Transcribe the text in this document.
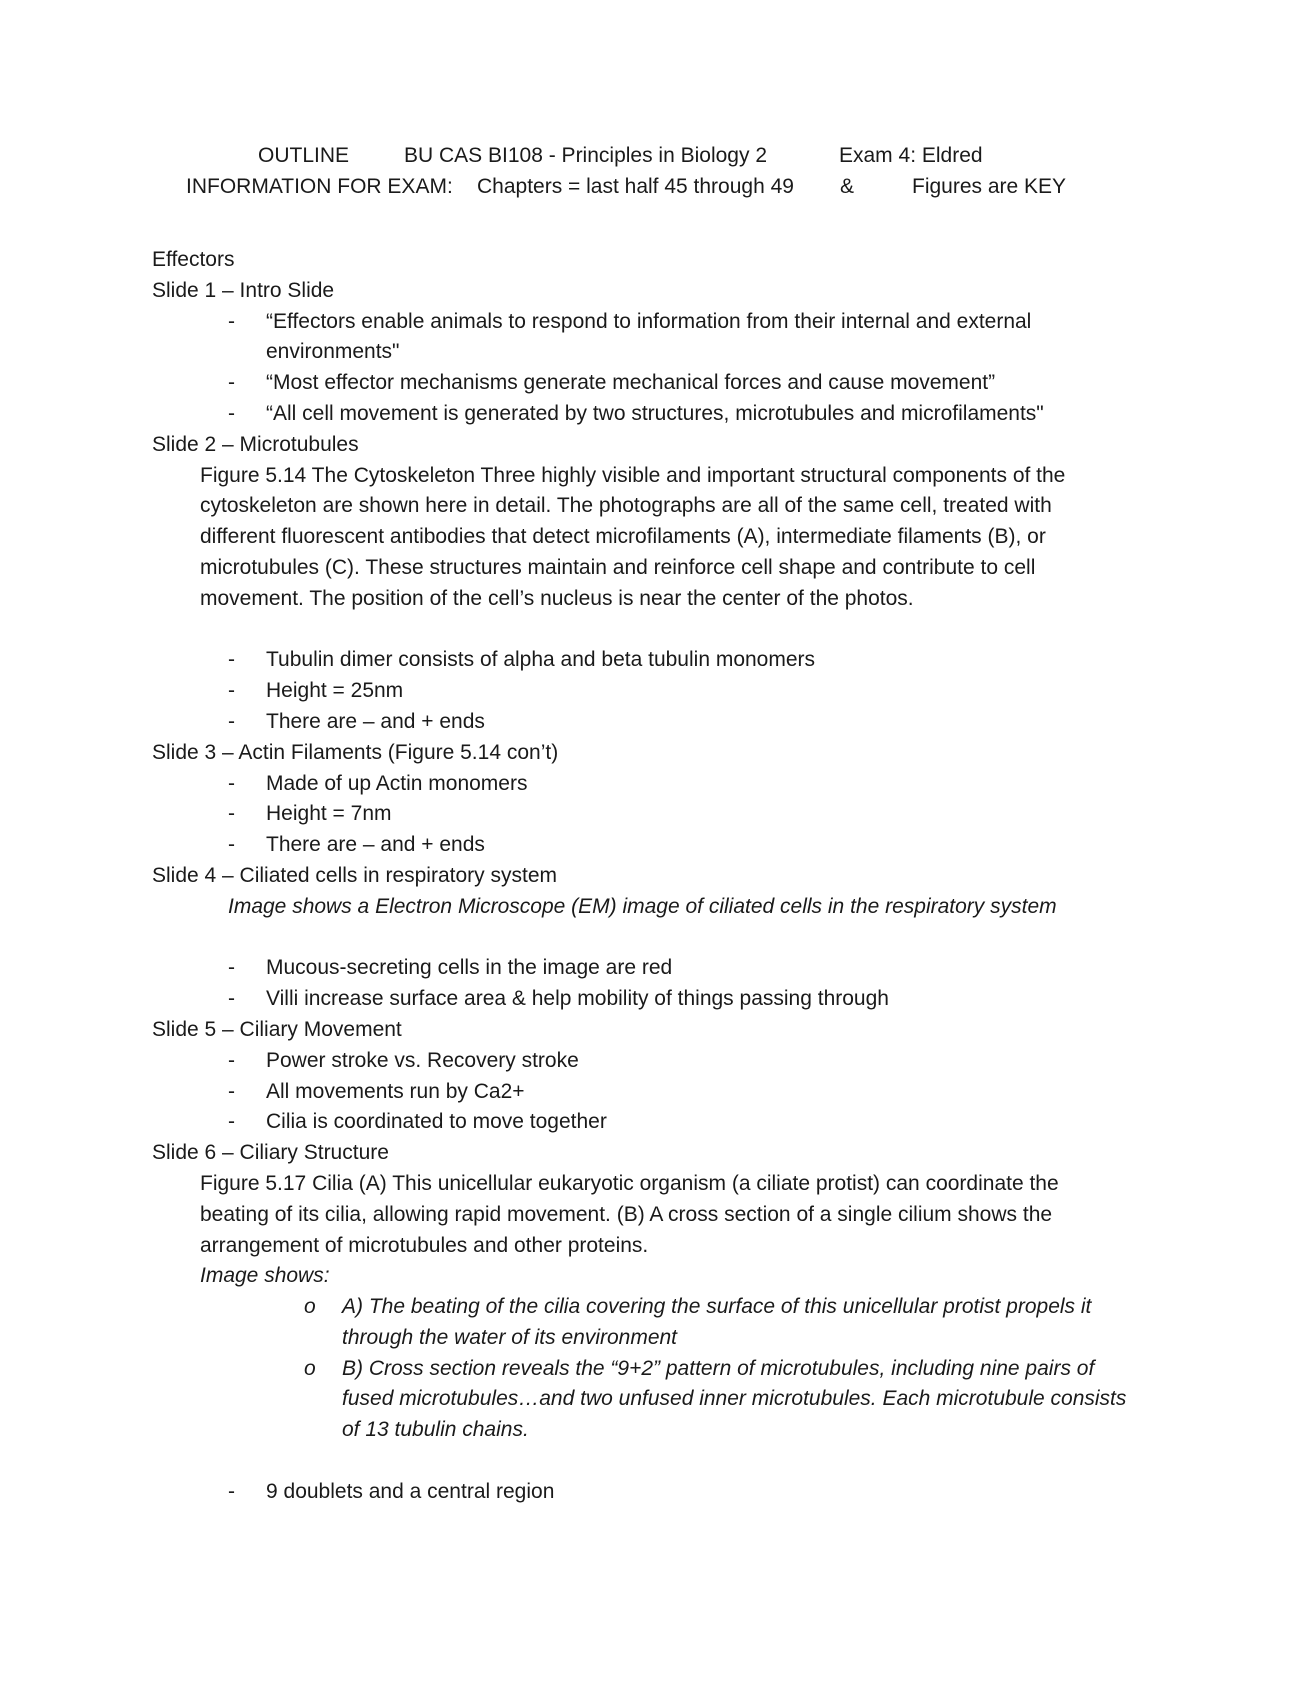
OUTLINE	BU CAS BI108 - Principles in Biology 2	Exam 4: Eldred
INFORMATION FOR EXAM: Chapters = last half 45 through 49 &	Figures are KEY
Effectors
Slide 1 – Intro Slide
-	“Effectors enable animals to respond to information from their internal and external environments"
-	“Most effector mechanisms generate mechanical forces and cause movement”
-	“All cell movement is generated by two structures, microtubules and microfilaments"
Slide 2 – Microtubules
Figure 5.14 The Cytoskeleton Three highly visible and important structural components of the cytoskeleton are shown here in detail. The photographs are all of the same cell, treated with different fluorescent antibodies that detect microfilaments (A), intermediate filaments (B), or microtubules (C). These structures maintain and reinforce cell shape and contribute to cell movement. The position of the cell’s nucleus is near the center of the photos.
-	Tubulin dimer consists of alpha and beta tubulin monomers
-	Height = 25nm
-	There are – and + ends
Slide 3 – Actin Filaments (Figure 5.14 con’t)
-	Made of up Actin monomers
-	Height = 7nm
-	There are – and + ends
Slide 4 – Ciliated cells in respiratory system
Image shows a Electron Microscope (EM) image of ciliated cells in the respiratory system
-	Mucous-secreting cells in the image are red
-	Villi increase surface area & help mobility of things passing through
Slide 5 – Ciliary Movement
-	Power stroke vs. Recovery stroke
-	All movements run by Ca2+
-	Cilia is coordinated to move together
Slide 6 – Ciliary Structure
Figure 5.17 Cilia (A) This unicellular eukaryotic organism (a ciliate protist) can coordinate the beating of its cilia, allowing rapid movement. (B) A cross section of a single cilium shows the arrangement of microtubules and other proteins.
Image shows:
o	A) The beating of the cilia covering the surface of this unicellular protist propels it through the water of its environment
o	B) Cross section reveals the “9+2” pattern of microtubules, including nine pairs of fused microtubules…and two unfused inner microtubules. Each microtubule consists of 13 tubulin chains.
-	9 doublets and a central region
